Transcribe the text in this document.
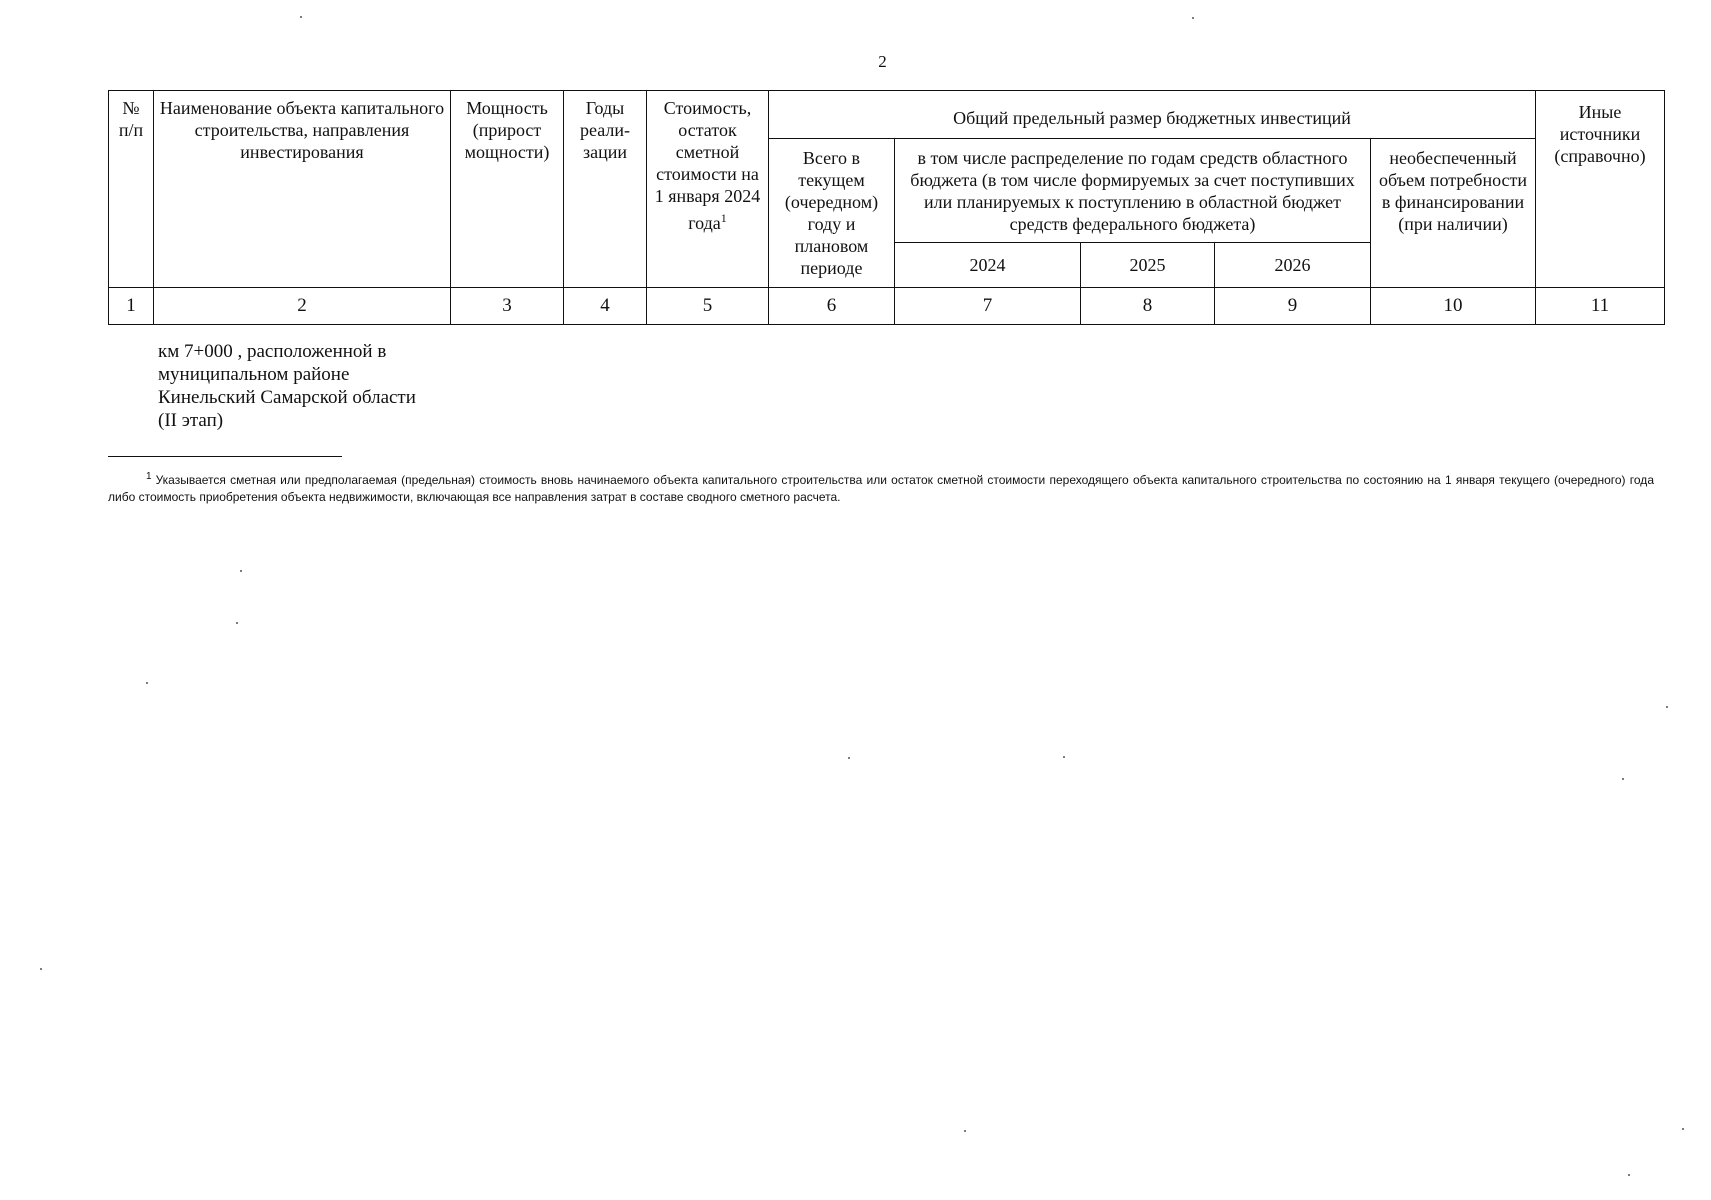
2
№ п/п	Наименование объекта капитального строительства, направления инвестирования	Мощность (прирост мощности)	Годы реали-зации	Стоимость, остаток сметной стоимости на 1 января 2024 года$^1$	Общий предельный размер бюджетных инвестиций					Иные источники (справочно)
					Всего в текущем (очередном) году и плановом периоде	в том числе распределение по годам средств областного бюджета (в том числе формируемых за счет поступивших или планируемых к поступлению в областной бюджет средств федерального бюджета)			необеспеченный объем потребности в финансировании (при наличии)	
						2024	2025	2026		
1	2	3	4	5	6	7	8	9	10	11
км 7+000 , расположенной в
муниципальном районе
Кинельский Самарской области
(II этап)
$^1$ Указывается сметная или предполагаемая (предельная) стоимость вновь начинаемого объекта капитального строительства или остаток сметной стоимости переходящего объекта капитального строительства по состоянию на 1 января текущего (очередного) года либо стоимость приобретения объекта недвижимости, включающая все направления затрат в составе сводного сметного расчета.
